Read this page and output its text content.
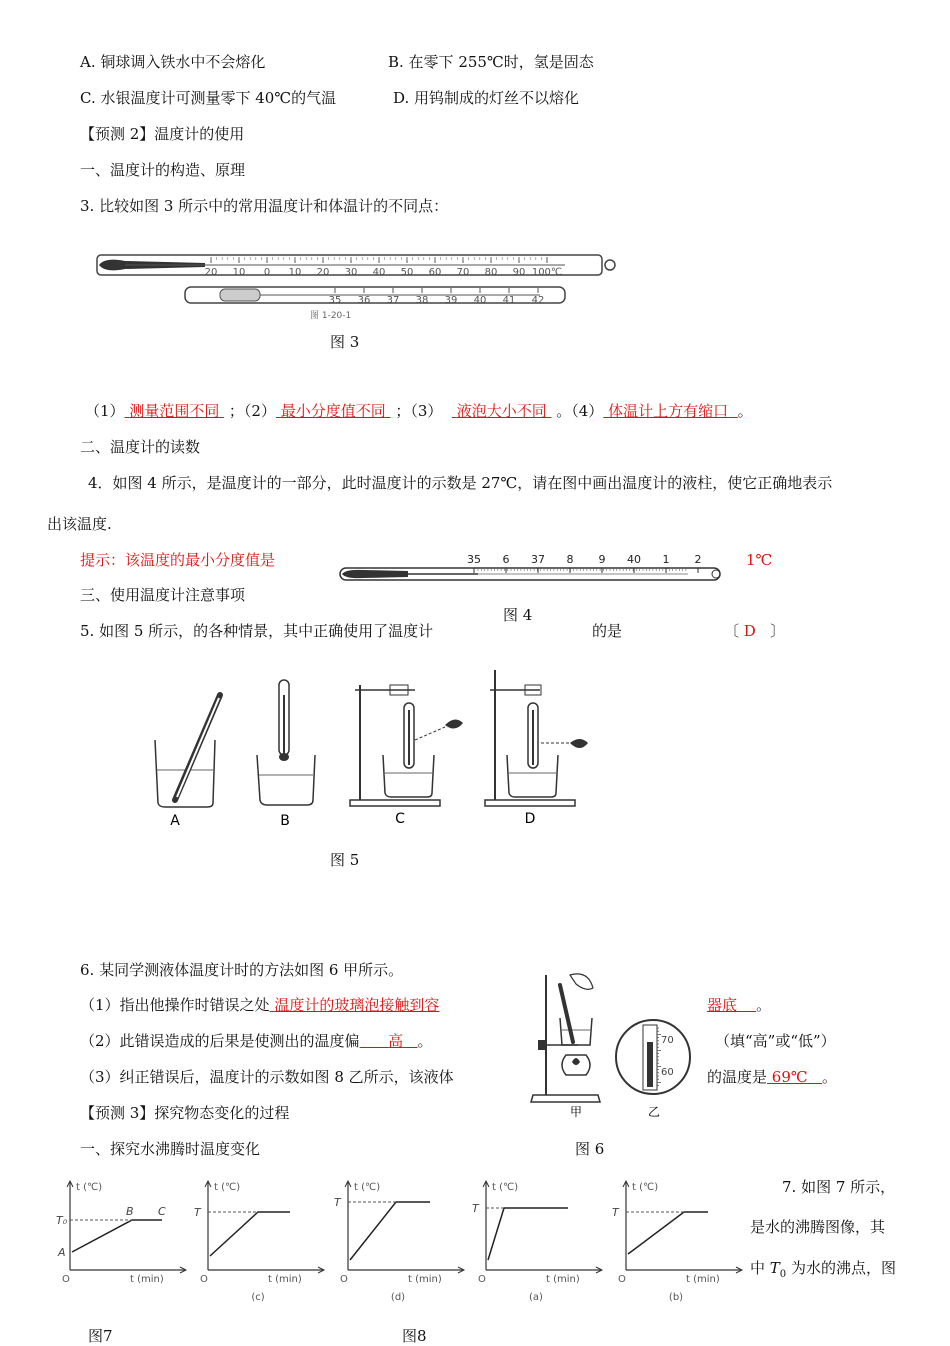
A. 铜球调入铁水中不会熔化	B. 在零下 255℃时，氢是固态
C. 水银温度计可测量零下 40℃的气温	D. 用钨制成的灯丝不以熔化
【预测 2】温度计的使用
一、温度计的构造、原理
3. 比较如图 3 所示中的常用温度计和体温计的不同点：
20 10 0 10 20 30 40 50 60 70 80 90 100℃
35 36 37 38 39 40 41 42
图 1-20-1
图 3
（1） 测量范围不同 ；（2） 最小分度值不同 ；（3） 液泡大小不同 。（4） 体温计上方有缩口 。
二、温度计的读数
4．如图 4 所示，是温度计的一部分，此时温度计的示数是 27℃，请在图中画出温度计的液柱，使它正确地表示
出该温度.
提示：该温度的最小分度值是	1℃
35 6 37 8 9 40 1 2
三、使用温度计注意事项
图 4
5. 如图 5 所示，的各种情景，其中正确使用了温度计	的是	〔 D 〕
A	B	C	D
图 5
6. 某同学测液体温度计时的方法如图 6 甲所示。
（1）指出他操作时错误之处 温度计的玻璃泡接触到容	器底 。
（2）此错误造成的后果是使测出的温度偏 高 。	（填“高”或“低”）
（3）纠正错误后，温度计的示数如图 8 乙所示，该液体	的温度是 69℃ 。
甲
70
60
乙
【预测 3】探究物态变化的过程
一、探究水沸腾时温度变化	图 6
7. 如图 7 所示，
是水的沸腾图像，其
中 $T_0$ 为水的沸点，图
t (℃)
t (min)
O
T₀
A
B C
t (℃)
t (min)
O
T
(c)
t (℃)
t (min)
O
T
(d)
t (℃)
t (min)
O
T
(a)
t (℃)
t (min)
O
T
(b)
图7	图8
